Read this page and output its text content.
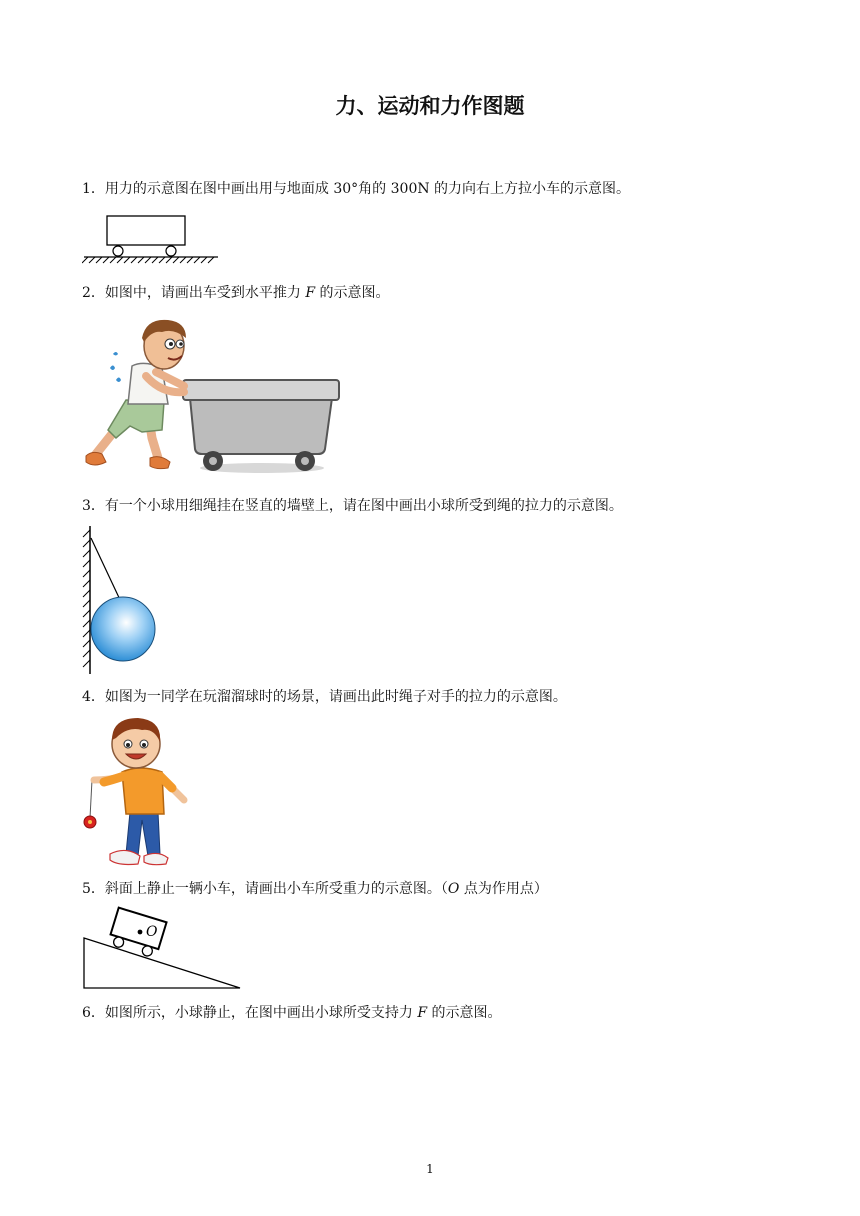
力、运动和力作图题
1．用力的示意图在图中画出用与地面成 30°角的 300N 的力向右上方拉小车的示意图。
2．如图中，请画出车受到水平推力 F 的示意图。
3．有一个小球用细绳挂在竖直的墙壁上，请在图中画出小球所受到绳的拉力的示意图。
4．如图为一同学在玩溜溜球时的场景，请画出此时绳子对手的拉力的示意图。
5．斜面上静止一辆小车，请画出小车所受重力的示意图。（O 点为作用点）
O
6．如图所示，小球静止，在图中画出小球所受支持力 F 的示意图。
1
